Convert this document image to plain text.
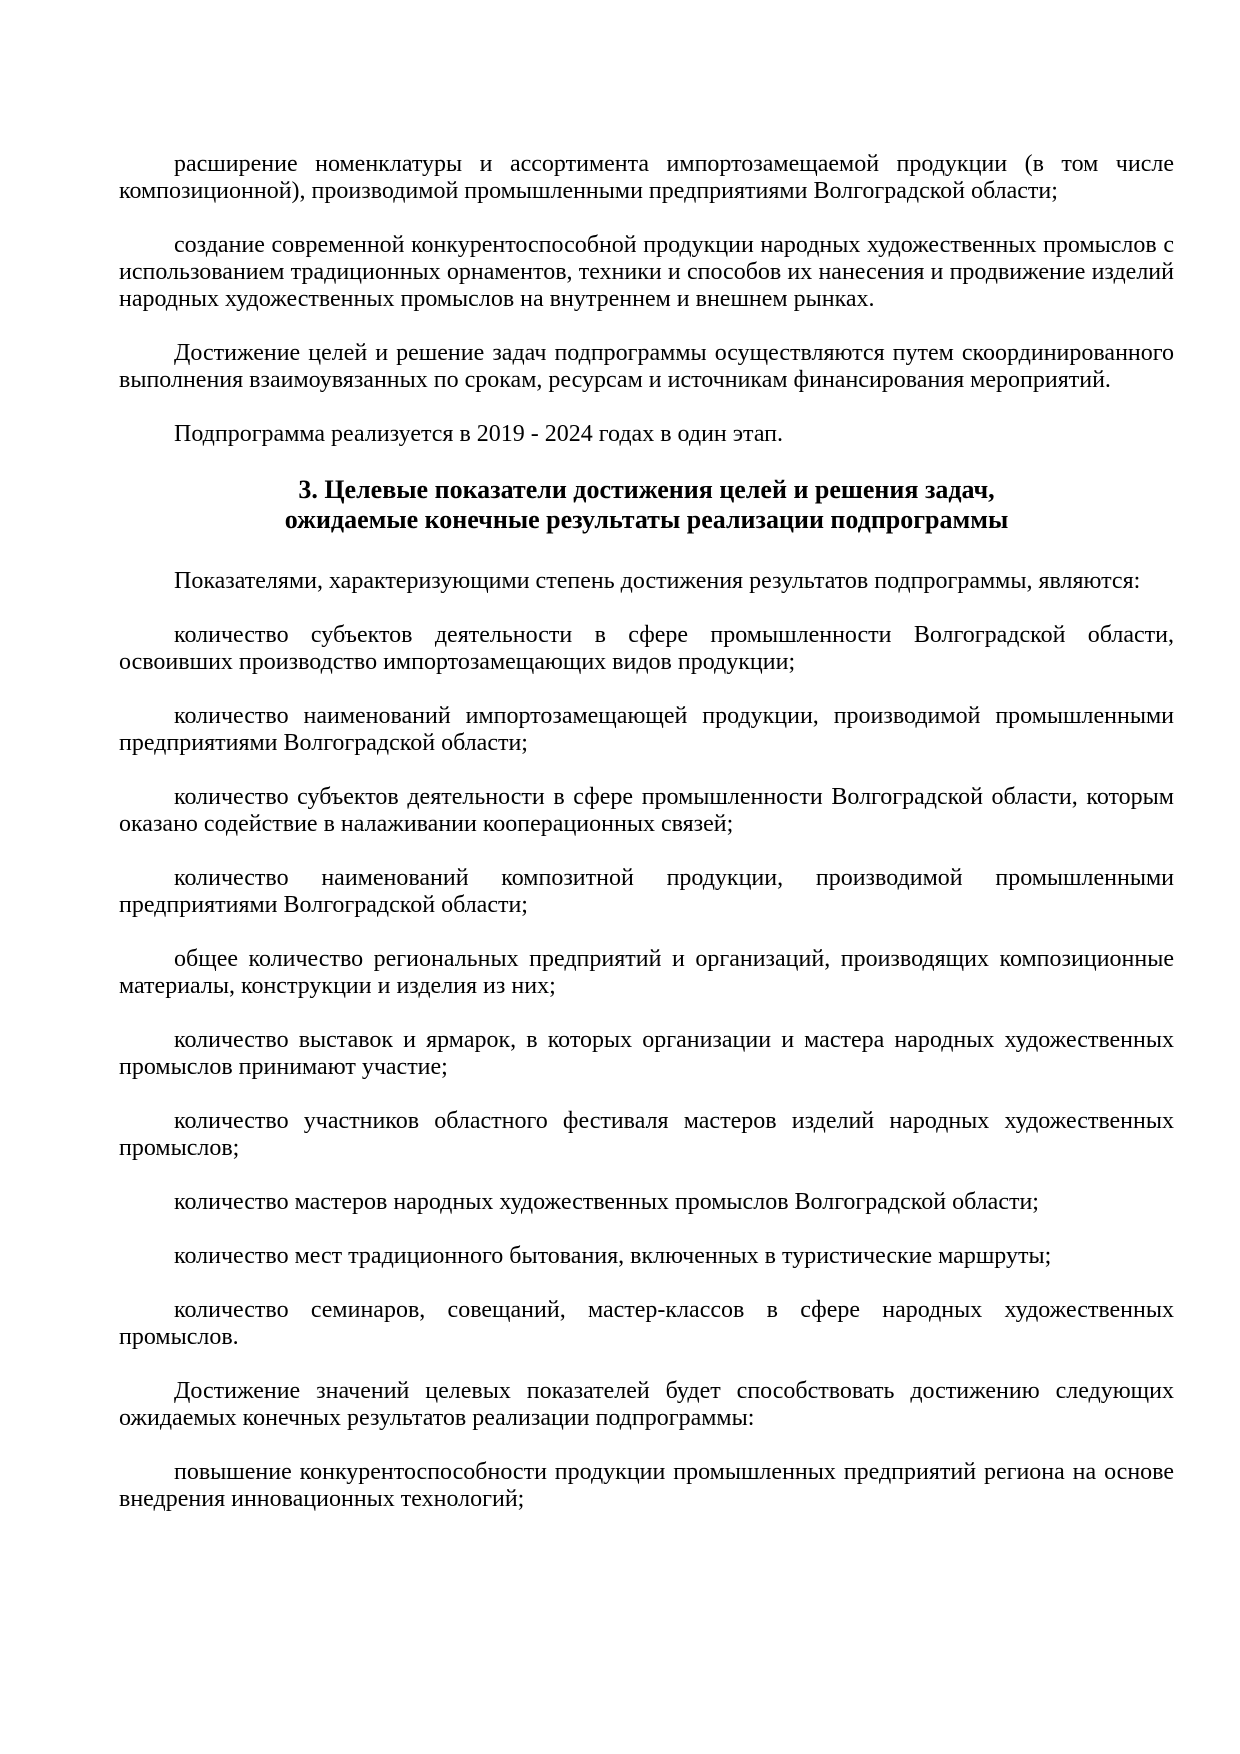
расширение номенклатуры и ассортимента импортозамещаемой продукции (в том числе композиционной), производимой промышленными предприятиями Волгоградской области;

создание современной конкурентоспособной продукции народных художественных промыслов с использованием традиционных орнаментов, техники и способов их нанесения и продвижение изделий народных художественных промыслов на внутреннем и внешнем рынках.

Достижение целей и решение задач подпрограммы осуществляются путем скоординированного выполнения взаимоувязанных по срокам, ресурсам и источникам финансирования мероприятий.

Подпрограмма реализуется в 2019 - 2024 годах в один этап.

3. Целевые показатели достижения целей и решения задач,
ожидаемые конечные результаты реализации подпрограммы

Показателями, характеризующими степень достижения результатов подпрограммы, являются:

количество субъектов деятельности в сфере промышленности Волгоградской области, освоивших производство импортозамещающих видов продукции;

количество наименований импортозамещающей продукции, производимой промышленными предприятиями Волгоградской области;

количество субъектов деятельности в сфере промышленности Волгоградской области, которым оказано содействие в налаживании кооперационных связей;

количество наименований композитной продукции, производимой промышленными предприятиями Волгоградской области;

общее количество региональных предприятий и организаций, производящих композиционные материалы, конструкции и изделия из них;

количество выставок и ярмарок, в которых организации и мастера народных художественных промыслов принимают участие;

количество участников областного фестиваля мастеров изделий народных художественных промыслов;

количество мастеров народных художественных промыслов Волгоградской области;

количество мест традиционного бытования, включенных в туристические маршруты;

количество семинаров, совещаний, мастер-классов в сфере народных художественных промыслов.

Достижение значений целевых показателей будет способствовать достижению следующих ожидаемых конечных результатов реализации подпрограммы:

повышение конкурентоспособности продукции промышленных предприятий региона на основе внедрения инновационных технологий;
